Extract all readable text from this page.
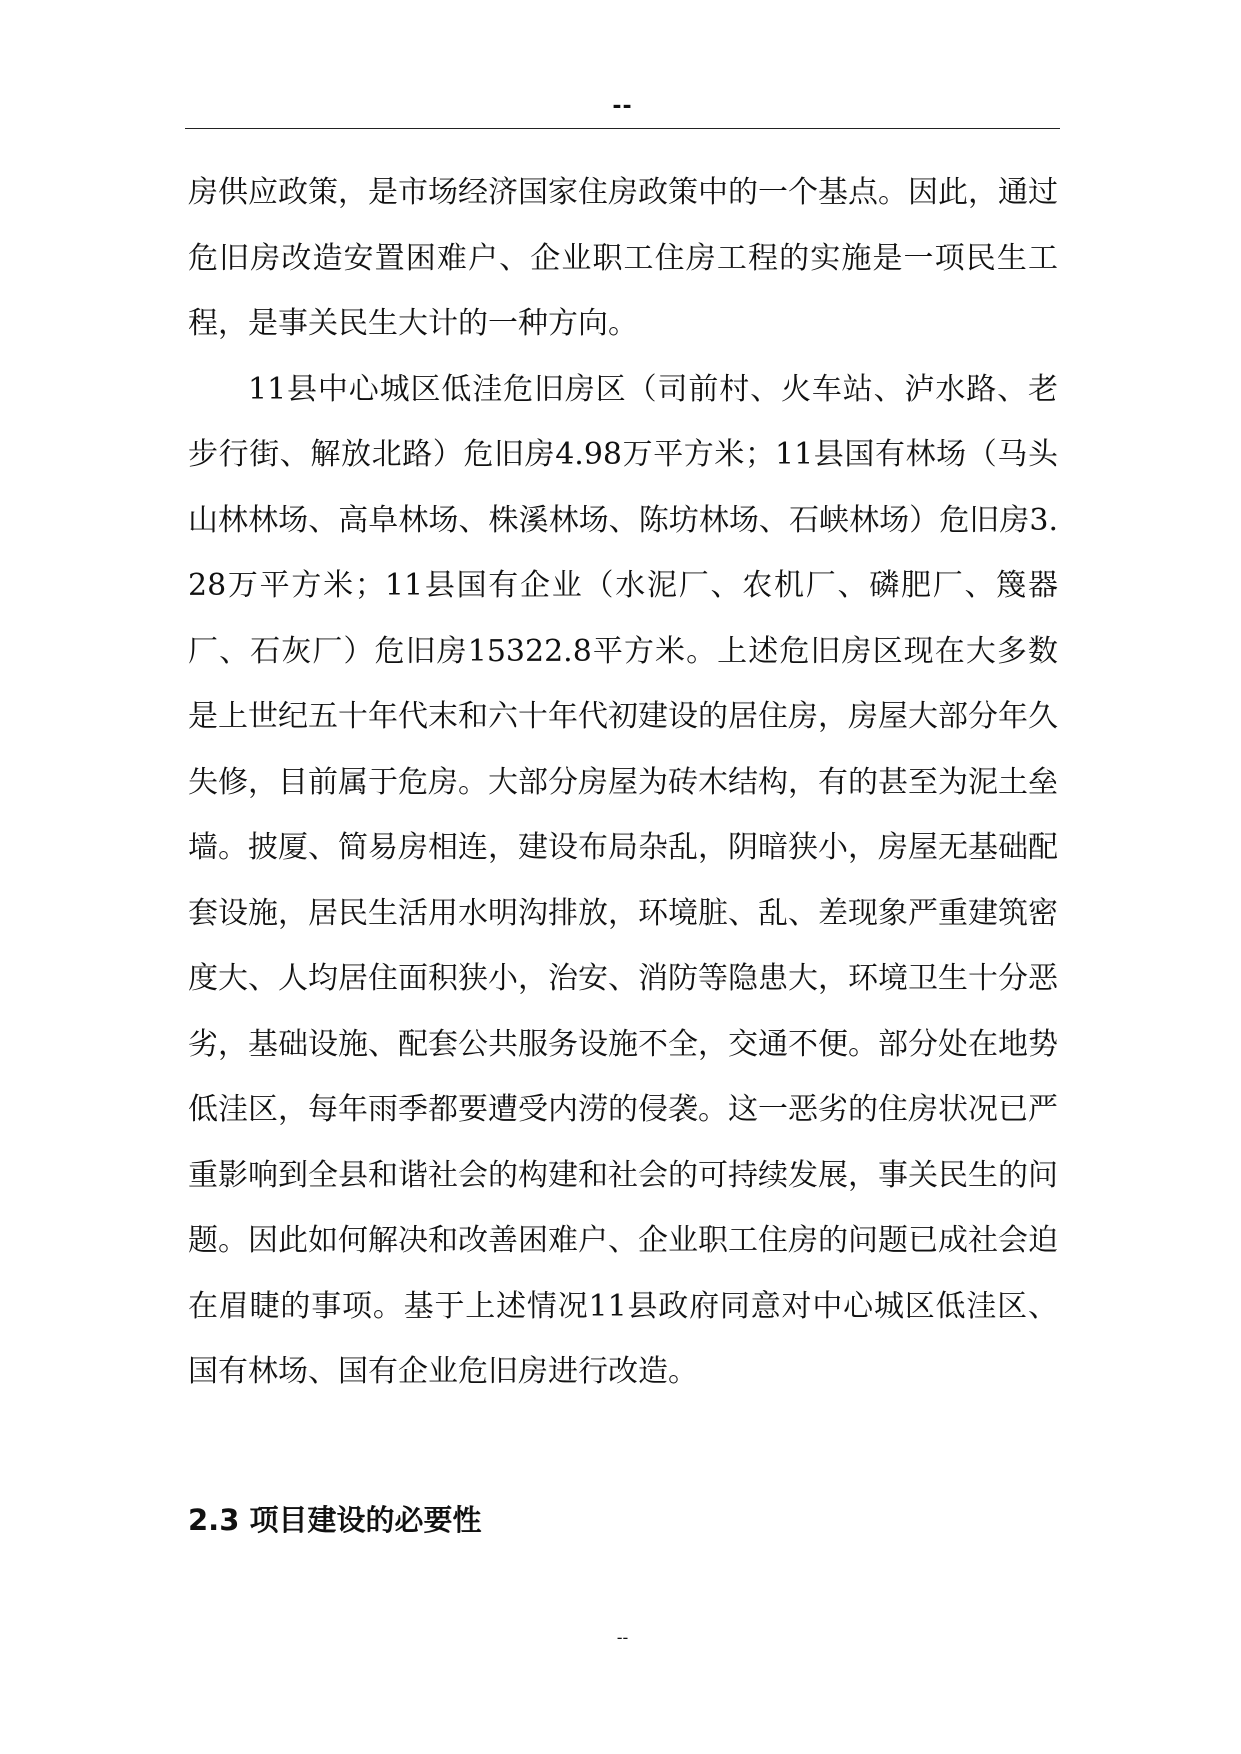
--

房供应政策，是市场经济国家住房政策中的一个基点。因此，通过危旧房改造安置困难户、企业职工住房工程的实施是一项民生工程，是事关民生大计的一种方向。

11县中心城区低洼危旧房区（司前村、火车站、泸水路、老步行街、解放北路）危旧房4.98万平方米；11县国有林场（马头山林林场、高阜林场、株溪林场、陈坊林场、石峡林场）危旧房3.28万平方米；11县国有企业（水泥厂、农机厂、磷肥厂、篾器厂、石灰厂）危旧房15322.8平方米。上述危旧房区现在大多数是上世纪五十年代末和六十年代初建设的居住房，房屋大部分年久失修，目前属于危房。大部分房屋为砖木结构，有的甚至为泥土垒墙。披厦、简易房相连，建设布局杂乱，阴暗狭小，房屋无基础配套设施，居民生活用水明沟排放，环境脏、乱、差现象严重建筑密度大、人均居住面积狭小，治安、消防等隐患大，环境卫生十分恶劣，基础设施、配套公共服务设施不全，交通不便。部分处在地势低洼区，每年雨季都要遭受内涝的侵袭。这一恶劣的住房状况已严重影响到全县和谐社会的构建和社会的可持续发展，事关民生的问题。因此如何解决和改善困难户、企业职工住房的问题已成社会迫在眉睫的事项。基于上述情况11县政府同意对中心城区低洼区、国有林场、国有企业危旧房进行改造。

2.3 项目建设的必要性
--
